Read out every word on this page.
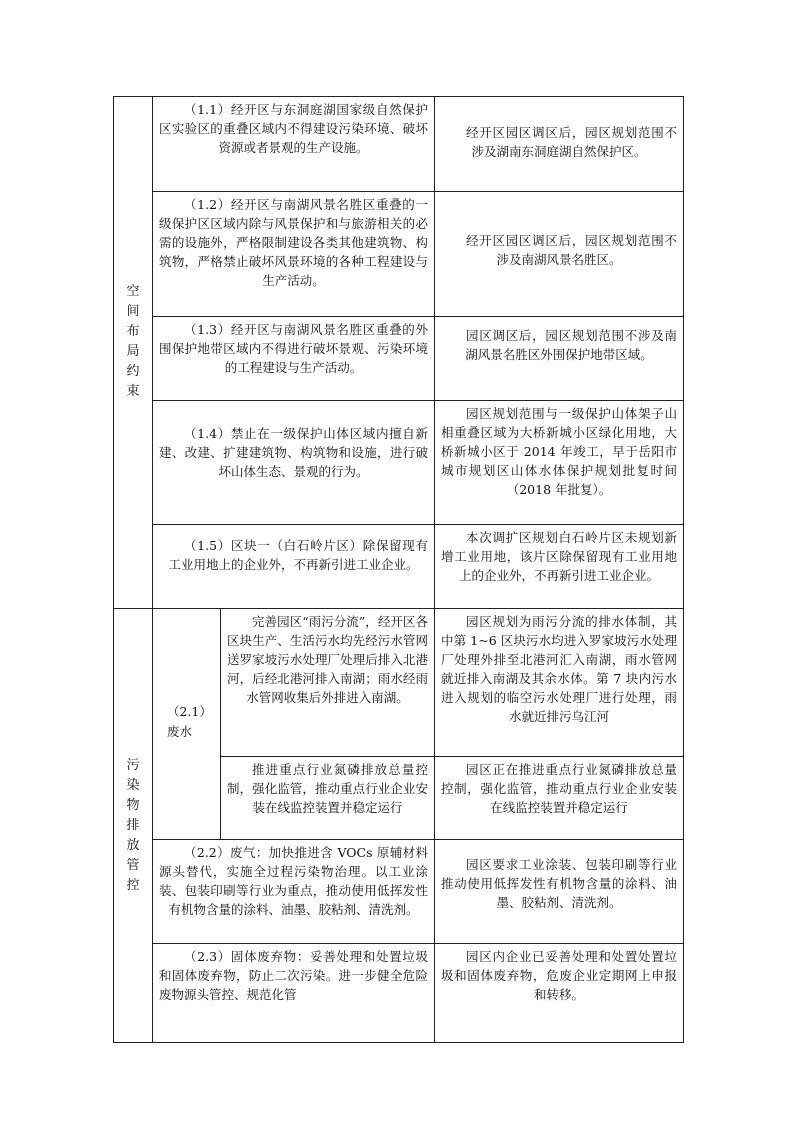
空
间
布
局
约
束
污
染
物
排
放
管
控

（1.1）经开区与东洞庭湖国家级自然保护区实验区的重叠区域内不得建设污染环境、破坏资源或者景观的生产设施。

经开区园区调区后，园区规划范围不涉及湖南东洞庭湖自然保护区。

（1.2）经开区与南湖风景名胜区重叠的一级保护区区域内除与风景保护和与旅游相关的必需的设施外，严格限制建设各类其他建筑物、构筑物，严格禁止破坏风景环境的各种工程建设与生产活动。

经开区园区调区后，园区规划范围不涉及南湖风景名胜区。

（1.3）经开区与南湖风景名胜区重叠的外围保护地带区域内不得进行破坏景观、污染环境的工程建设与生产活动。

园区调区后，园区规划范围不涉及南湖风景名胜区外围保护地带区域。

（1.4）禁止在一级保护山体区域内擅自新建、改建、扩建建筑物、构筑物和设施，进行破坏山体生态、景观的行为。

园区规划范围与一级保护山体架子山相重叠区域为大桥新城小区绿化用地，大桥新城小区于 2014 年竣工，早于岳阳市城市规划区山体水体保护规划批复时间（2018 年批复）。

（1.5）区块一（白石岭片区）除保留现有工业用地上的企业外，不再新引进工业企业。

本次调扩区规划白石岭片区未规划新增工业用地，该片区除保留现有工业用地上的企业外，不再新引进工业企业。

（2.1）废水

完善园区“雨污分流”，经开区各区块生产、生活污水均先经污水管网送罗家坡污水处理厂处理后排入北港河，后经北港河排入南湖；雨水经雨水管网收集后外排进入南湖。

园区规划为雨污分流的排水体制，其中第 1~6 区块污水均进入罗家坡污水处理厂处理外排至北港河汇入南湖，雨水管网就近排入南湖及其余水体。第 7 块内污水进入规划的临空污水处理厂进行处理，雨水就近排污乌江河

推进重点行业氮磷排放总量控制，强化监管，推动重点行业企业安装在线监控装置并稳定运行

园区正在推进重点行业氮磷排放总量控制，强化监管，推动重点行业企业安装在线监控装置并稳定运行

（2.2）废气：加快推进含 VOCs 原辅材料源头替代，实施全过程污染物治理。以工业涂装、包装印刷等行业为重点，推动使用低挥发性有机物含量的涂料、油墨、胶粘剂、清洗剂。

园区要求工业涂装、包装印刷等行业推动使用低挥发性有机物含量的涂料、油墨、胶粘剂、清洗剂。

（2.3）固体废弃物：妥善处理和处置垃圾和固体废弃物，防止二次污染。进一步健全危险废物源头管控、规范化管

园区内企业已妥善处理和处置处置垃圾和固体废弃物，危废企业定期网上申报和转移。
